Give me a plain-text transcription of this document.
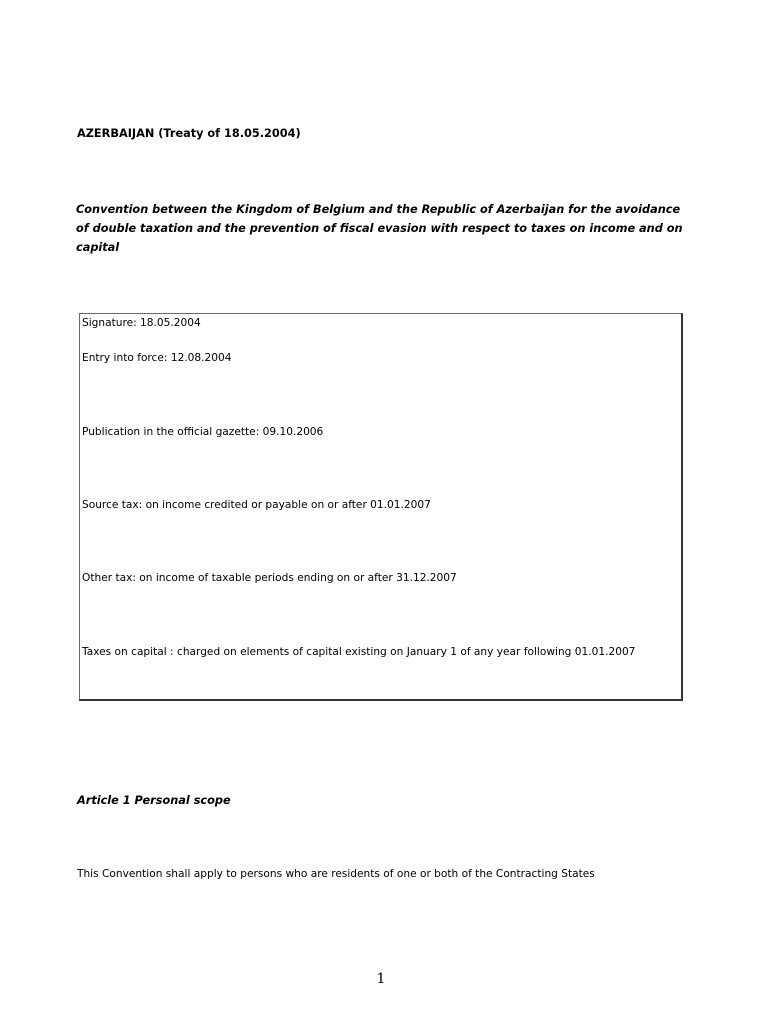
AZERBAIJAN (Treaty of 18.05.2004)
Convention between the Kingdom of Belgium and the Republic of Azerbaijan for the avoidance of double taxation and the prevention of fiscal evasion with respect to taxes on income and on capital
Signature: 18.05.2004
Entry into force: 12.08.2004
Publication in the official gazette: 09.10.2006
Source tax: on income credited or payable on or after 01.01.2007
Other tax: on income of taxable periods ending on or after 31.12.2007
Taxes on capital : charged on elements of capital existing on January 1 of any year following 01.01.2007
Article 1 Personal scope
This Convention shall apply to persons who are residents of one or both of the Contracting States
1
